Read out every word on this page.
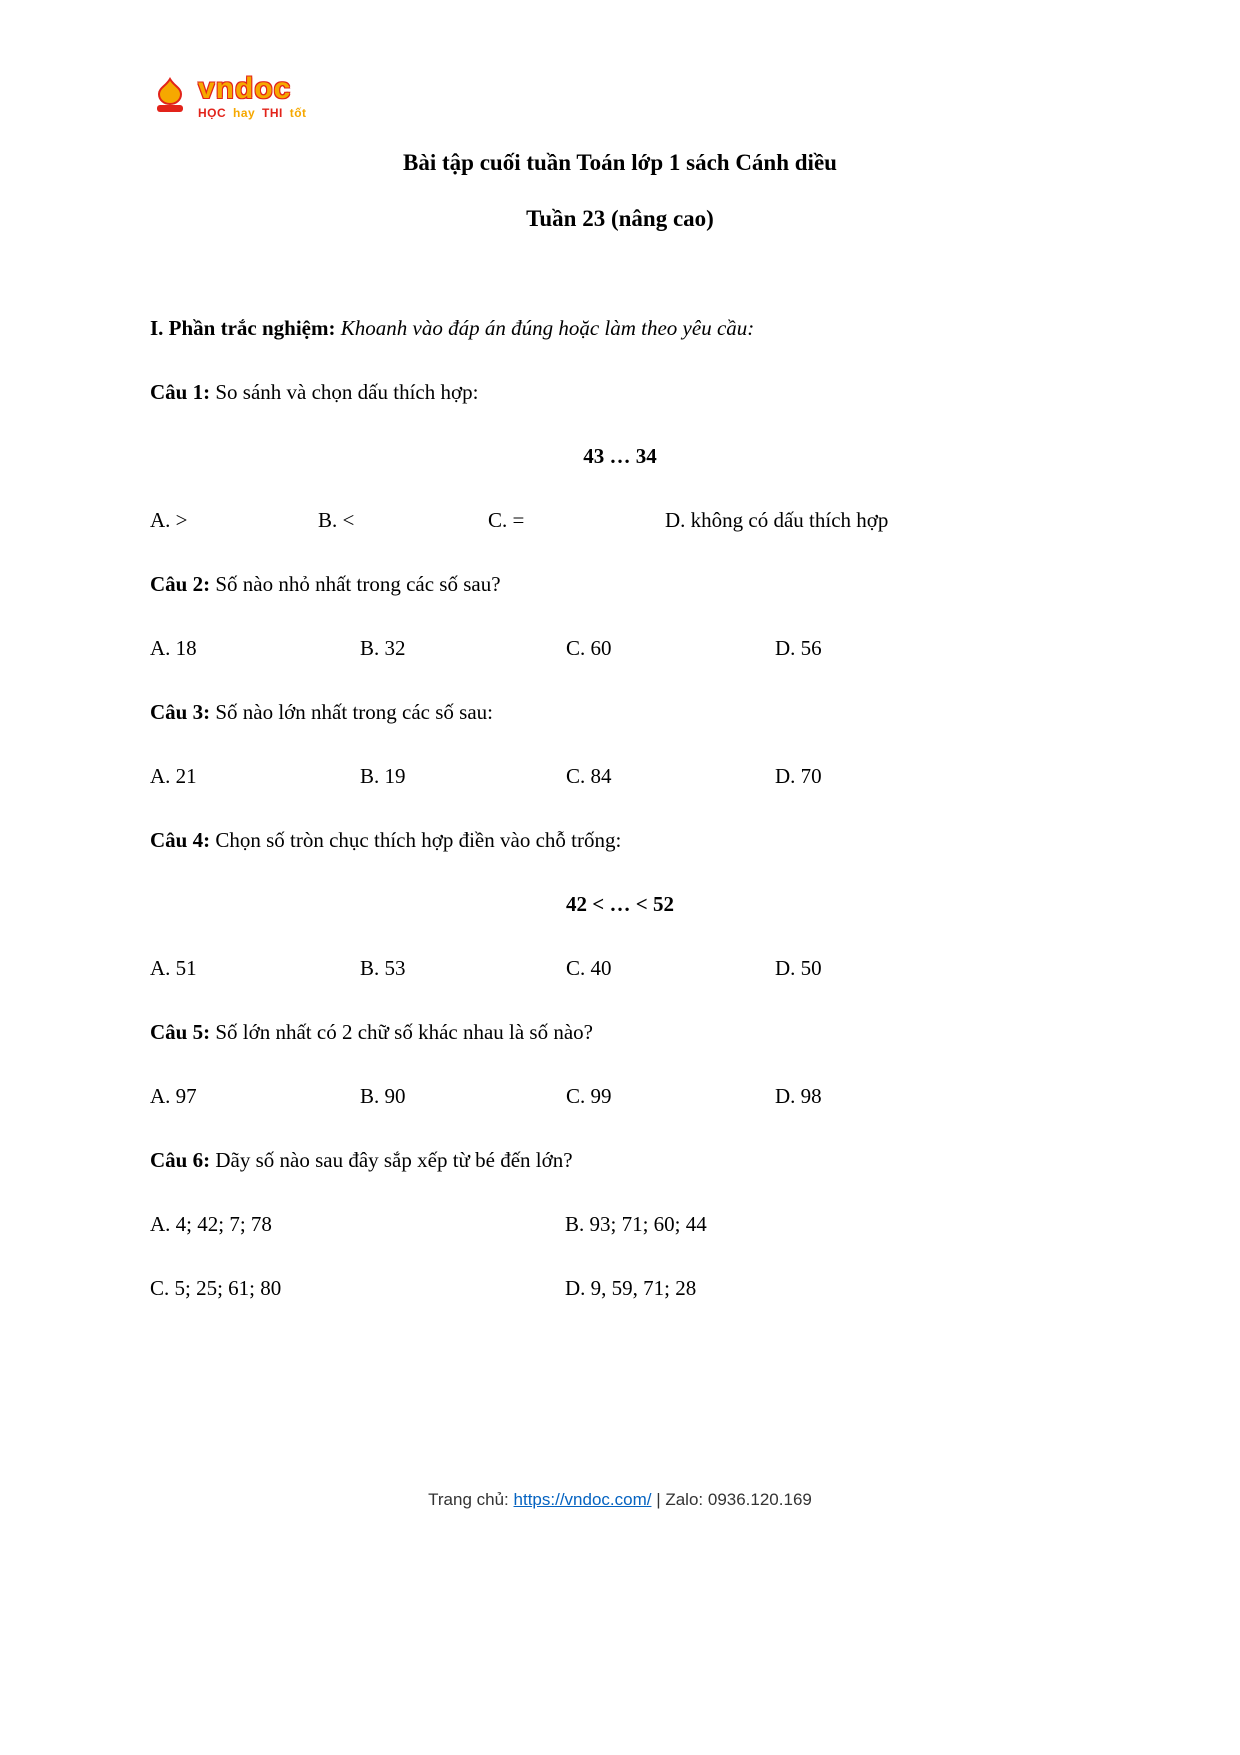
vndoc
HỌC hay THI tốt
Bài tập cuối tuần Toán lớp 1 sách Cánh diều
Tuần 23 (nâng cao)

I. Phần trắc nghiệm: Khoanh vào đáp án đúng hoặc làm theo yêu cầu:

Câu 1: So sánh và chọn dấu thích hợp:

43 … 34

A. >	B. <	C. =	D. không có dấu thích hợp

Câu 2: Số nào nhỏ nhất trong các số sau?

A. 18	B. 32	C. 60	D. 56

Câu 3: Số nào lớn nhất trong các số sau:

A. 21	B. 19	C. 84	D. 70

Câu 4: Chọn số tròn chục thích hợp điền vào chỗ trống:

42 < … < 52

A. 51	B. 53	C. 40	D. 50

Câu 5: Số lớn nhất có 2 chữ số khác nhau là số nào?

A. 97	B. 90	C. 99	D. 98

Câu 6: Dãy số nào sau đây sắp xếp từ bé đến lớn?

A. 4; 42; 7; 78	B. 93; 71; 60; 44
C. 5; 25; 61; 80	D. 9, 59, 71; 28
Trang chủ: https://vndoc.com/ | Zalo: 0936.120.169
